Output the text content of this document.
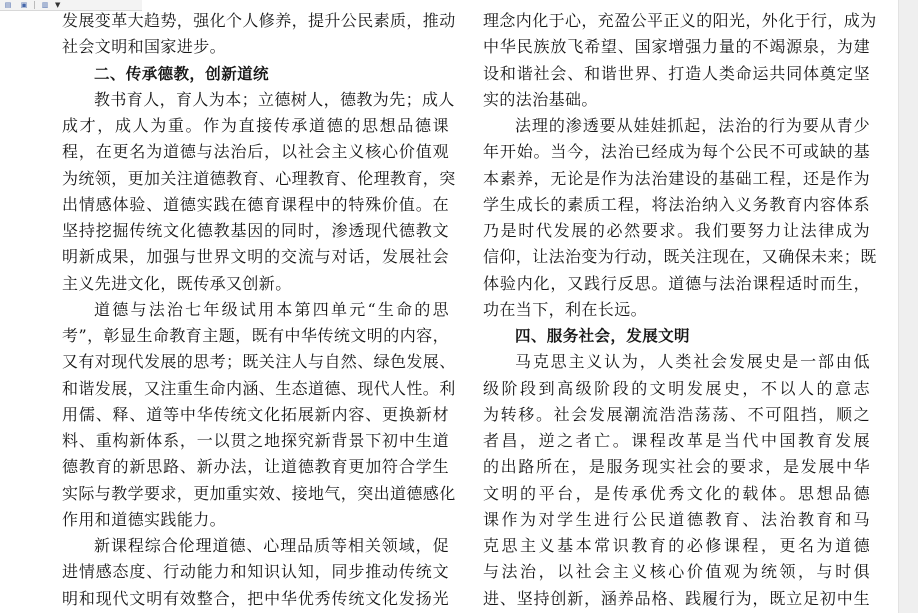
▤	▣	▥ ▼
发展变革大趋势，强化个人修养，提升公民素质，推动
社会文明和国家进步。
二、传承德教，创新道统
教书育人，育人为本；立德树人，德教为先；成人
成才，成人为重。作为直接传承道德的思想品德课
程，在更名为道德与法治后，以社会主义核心价值观
为统领，更加关注道德教育、心理教育、伦理教育，突
出情感体验、道德实践在德育课程中的特殊价值。在
坚持挖掘传统文化德教基因的同时，渗透现代德教文
明新成果，加强与世界文明的交流与对话，发展社会
主义先进文化，既传承又创新。
道德与法治七年级试用本第四单元“生命的思
考”，彰显生命教育主题，既有中华传统文明的内容，
又有对现代发展的思考；既关注人与自然、绿色发展、
和谐发展，又注重生命内涵、生态道德、现代人性。利
用儒、释、道等中华传统文化拓展新内容、更换新材
料、重构新体系，一以贯之地探究新背景下初中生道
德教育的新思路、新办法，让道德教育更加符合学生
实际与教学要求，更加重实效、接地气，突出道德感化
作用和道德实践能力。
新课程综合伦理道德、心理品质等相关领域，促
进情感态度、行动能力和知识认知，同步推动传统文
明和现代文明有效整合，把中华优秀传统文化发扬光
理念内化于心，充盈公平正义的阳光，外化于行，成为
中华民族放飞希望、国家增强力量的不竭源泉，为建
设和谐社会、和谐世界、打造人类命运共同体奠定坚
实的法治基础。
法理的渗透要从娃娃抓起，法治的行为要从青少
年开始。当今，法治已经成为每个公民不可或缺的基
本素养，无论是作为法治建设的基础工程，还是作为
学生成长的素质工程，将法治纳入义务教育内容体系
乃是时代发展的必然要求。我们要努力让法律成为
信仰，让法治变为行动，既关注现在，又确保未来；既
体验内化，又践行反思。道德与法治课程适时而生，
功在当下，利在长远。
四、服务社会，发展文明
马克思主义认为，人类社会发展史是一部由低
级阶段到高级阶段的文明发展史，不以人的意志
为转移。社会发展潮流浩浩荡荡、不可阻挡，顺之
者昌，逆之者亡。课程改革是当代中国教育发展
的出路所在，是服务现实社会的要求，是发展中华
文明的平台，是传承优秀文化的载体。思想品德
课作为对学生进行公民道德教育、法治教育和马
克思主义基本常识教育的必修课程，更名为道德
与法治，以社会主义核心价值观为统领，与时俱
进、坚持创新，涵养品格、践履行为，既立足初中生
